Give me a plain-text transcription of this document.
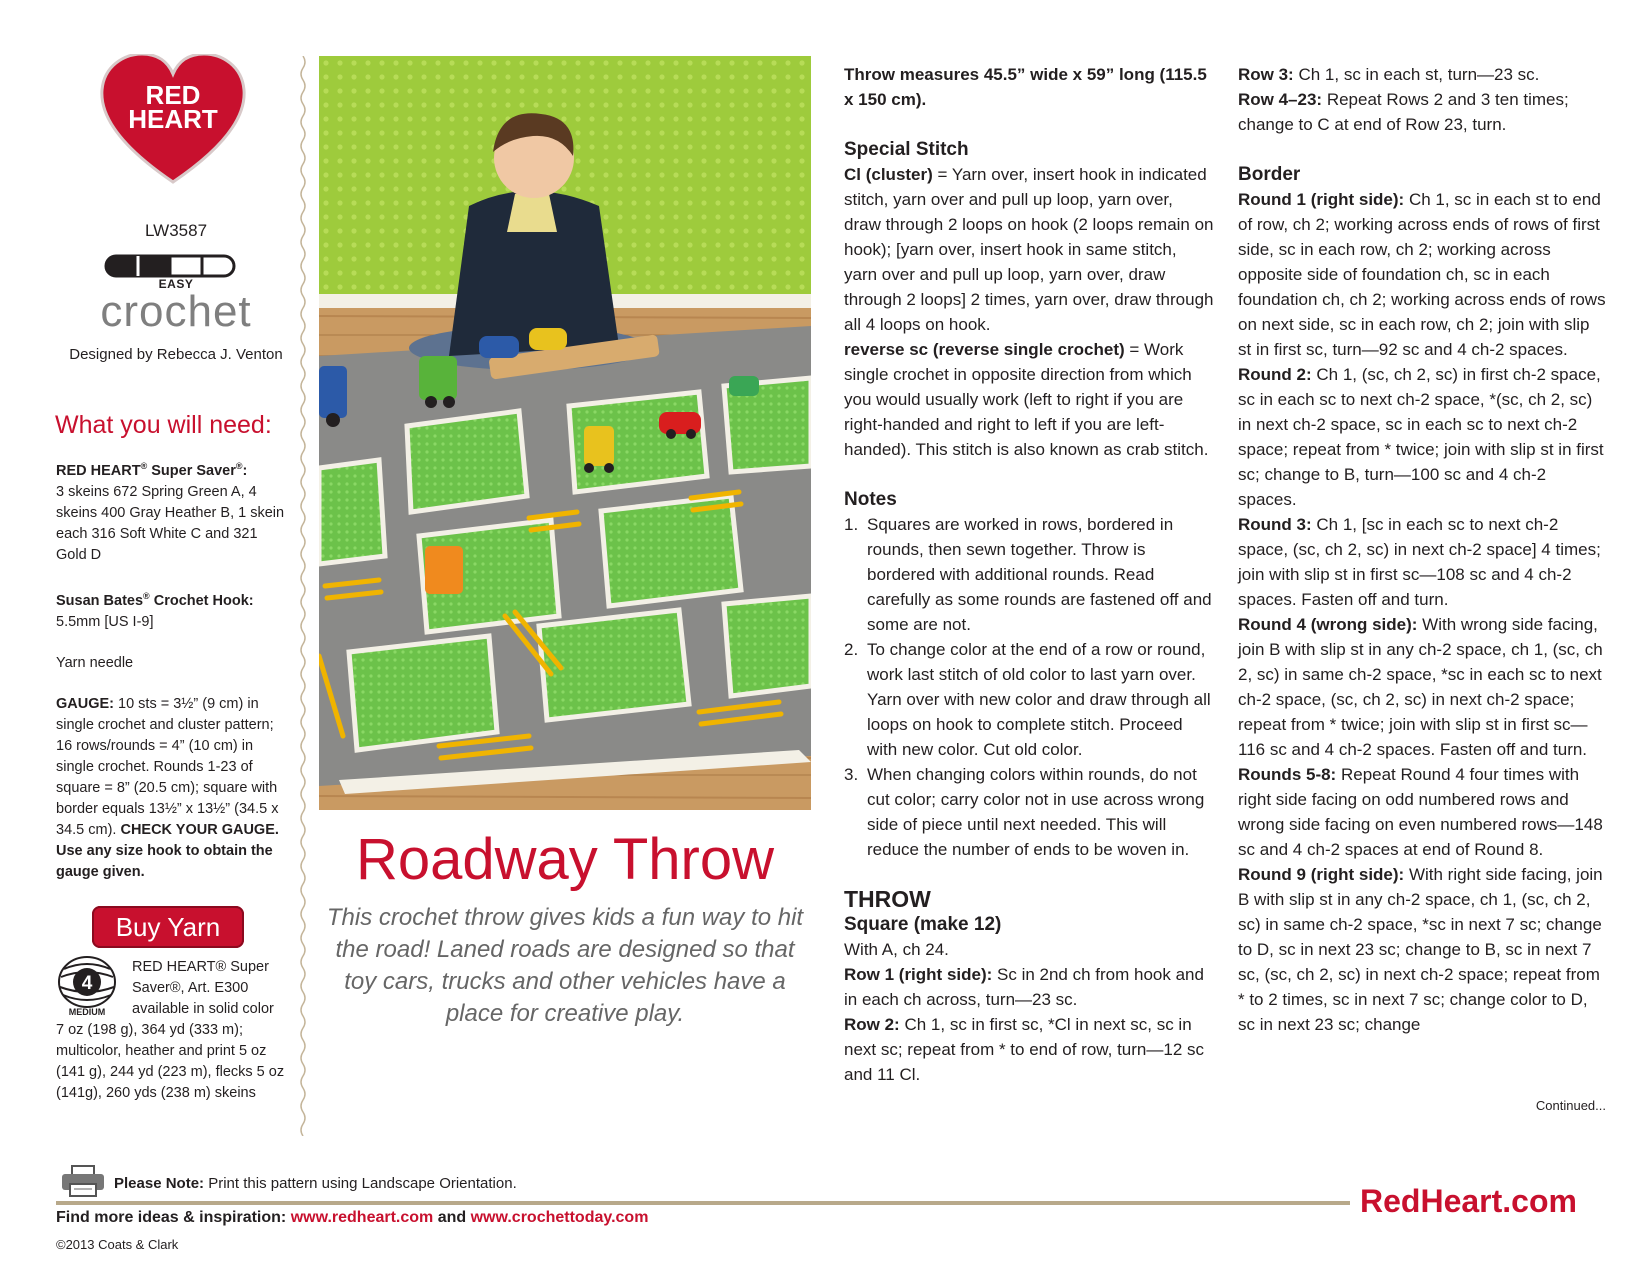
RED
HEART
LW3587
EASY
crochet
Designed by Rebecca J. Venton
What you will need:

RED HEART® Super Saver®:
3 skeins 672 Spring Green A, 4 skeins 400 Gray Heather B, 1 skein each 316 Soft White C and 321 Gold D

Susan Bates® Crochet Hook:
5.5mm [US I-9]

Yarn needle

GAUGE: 10 sts = 3½” (9 cm) in single crochet and cluster pattern; 16 rows/rounds = 4” (10 cm) in single crochet. Rounds 1-23 of square = 8” (20.5 cm); square with border equals 13½” x 13½” (34.5 x 34.5 cm). CHECK YOUR GAUGE. Use any size hook to obtain the gauge given.

Buy Yarn
4
MEDIUM
RED HEART® Super
Saver®, Art. E300
available in solid color
7 oz (198 g), 364 yd (333 m); multicolor, heather and print 5 oz (141 g), 244 yd (223 m), flecks 5 oz (141g), 260 yds (238 m) skeins
Roadway Throw
This crochet throw gives kids a fun way to hit the road! Laned roads are designed so that toy cars, trucks and other vehicles have a place for creative play.
Throw measures 45.5” wide x 59” long (115.5 x 150 cm).
Special Stitch
Cl (cluster) = Yarn over, insert hook in indicated stitch, yarn over and pull up loop, yarn over, draw through 2 loops on hook (2 loops remain on hook); [yarn over, insert hook in same stitch, yarn over and pull up loop, yarn over, draw through 2 loops] 2 times, yarn over, draw through all 4 loops on hook.
reverse sc (reverse single crochet) = Work single crochet in opposite direction from which you would usually work (left to right if you are right-handed and right to left if you are left-handed). This stitch is also known as crab stitch.
Notes
1. Squares are worked in rows, bordered in rounds, then sewn together. Throw is bordered with additional rounds. Read carefully as some rounds are fastened off and some are not.
2. To change color at the end of a row or round, work last stitch of old color to last yarn over. Yarn over with new color and draw through all loops on hook to complete stitch. Proceed with new color. Cut old color.
3. When changing colors within rounds, do not cut color; carry color not in use across wrong side of piece until next needed. This will reduce the number of ends to be woven in.
THROW
Square (make 12)
With A, ch 24.
Row 1 (right side): Sc in 2nd ch from hook and in each ch across, turn—23 sc.
Row 2: Ch 1, sc in first sc, *Cl in next sc, sc in next sc; repeat from * to end of row, turn—12 sc and 11 Cl.
Row 3: Ch 1, sc in each st, turn—23 sc.
Row 4–23: Repeat Rows 2 and 3 ten times; change to C at end of Row 23, turn.
Border
Round 1 (right side): Ch 1, sc in each st to end of row, ch 2; working across ends of rows of first side, sc in each row, ch 2; working across opposite side of foundation ch, sc in each foundation ch, ch 2; working across ends of rows on next side, sc in each row, ch 2; join with slip st in first sc, turn—92 sc and 4 ch-2 spaces.
Round 2: Ch 1, (sc, ch 2, sc) in first ch-2 space, sc in each sc to next ch-2 space, *(sc, ch 2, sc) in next ch-2 space, sc in each sc to next ch-2 space; repeat from * twice; join with slip st in first sc; change to B, turn—100 sc and 4 ch-2 spaces.
Round 3: Ch 1, [sc in each sc to next ch-2 space, (sc, ch 2, sc) in next ch-2 space] 4 times; join with slip st in first sc—108 sc and 4 ch-2 spaces. Fasten off and turn.
Round 4 (wrong side): With wrong side facing, join B with slip st in any ch-2 space, ch 1, (sc, ch 2, sc) in same ch-2 space, *sc in each sc to next ch-2 space, (sc, ch 2, sc) in next ch-2 space; repeat from * twice; join with slip st in first sc—116 sc and 4 ch-2 spaces. Fasten off and turn.
Rounds 5-8: Repeat Round 4 four times with right side facing on odd numbered rows and wrong side facing on even numbered rows—148 sc and 4 ch-2 spaces at end of Round 8.
Round 9 (right side): With right side facing, join B with slip st in any ch-2 space, ch 1, (sc, ch 2, sc) in same ch-2 space, *sc in next 7 sc; change to D, sc in next 23 sc; change to B, sc in next 7 sc, (sc, ch 2, sc) in next ch-2 space; repeat from * to 2 times, sc in next 7 sc; change color to D, sc in next 23 sc; change
Continued...
Please Note: Print this pattern using Landscape Orientation.	RedHeart.com
Find more ideas & inspiration: www.redheart.com and www.crochettoday.com
©2013 Coats & Clark
